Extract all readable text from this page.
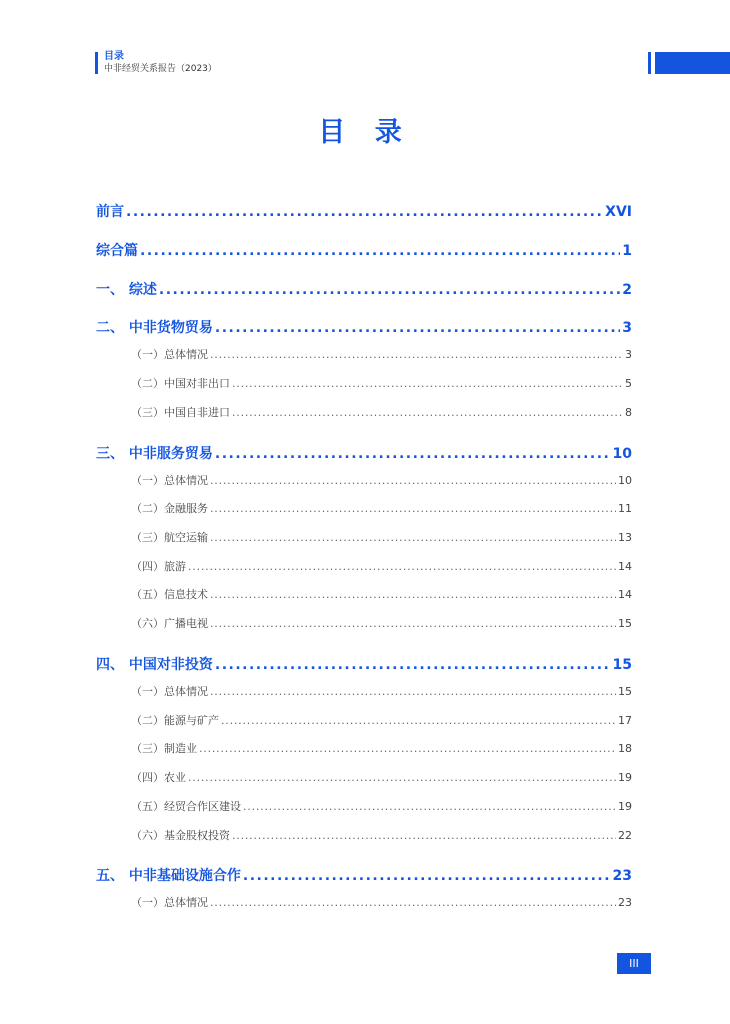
目录
中非经贸关系报告（2023）
目 录
前言 .....	XVI
综合篇 .....	1
一、 综述 .....	2
二、 中非货物贸易 .....	3
（一）总体情况 .....	3
（二）中国对非出口 .....	5
（三）中国自非进口 .....	8
三、 中非服务贸易 .....	10
（一）总体情况 .....	10
（二）金融服务 .....	11
（三）航空运输 .....	13
（四）旅游 .....	14
（五）信息技术 .....	14
（六）广播电视 .....	15
四、 中国对非投资 .....	15
（一）总体情况 .....	15
（二）能源与矿产 .....	17
（三）制造业 .....	18
（四）农业 .....	19
（五）经贸合作区建设 .....	19
（六）基金股权投资 .....	22
五、 中非基础设施合作 .....	23
（一）总体情况 .....	23
III
